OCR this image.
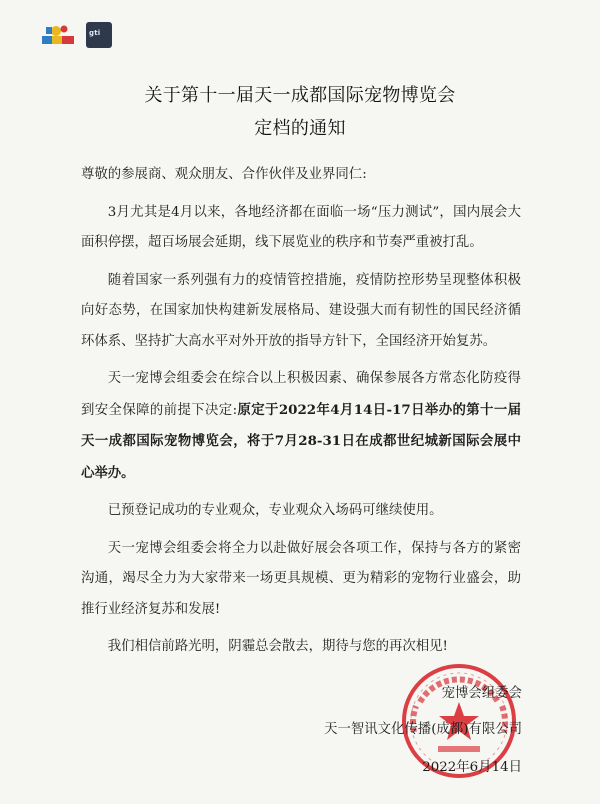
gti
关于第十一届天一成都国际宠物博览会
定档的通知

尊敬的参展商、观众朋友、合作伙伴及业界同仁:

3月尤其是4月以来，各地经济都在面临一场“压力测试”，国内展会大面积停摆，超百场展会延期，线下展览业的秩序和节奏严重被打乱。

随着国家一系列强有力的疫情管控措施，疫情防控形势呈现整体积极向好态势，在国家加快构建新发展格局、建设强大而有韧性的国民经济循环体系、坚持扩大高水平对外开放的指导方针下，全国经济开始复苏。

天一宠博会组委会在综合以上积极因素、确保参展各方常态化防疫得到安全保障的前提下决定:原定于2022年4月14日-17日举办的第十一届天一成都国际宠物博览会，将于7月28-31日在成都世纪城新国际会展中心举办。

已预登记成功的专业观众，专业观众入场码可继续使用。

天一宠博会组委会将全力以赴做好展会各项工作，保持与各方的紧密沟通，竭尽全力为大家带来一场更具规模、更为精彩的宠物行业盛会，助推行业经济复苏和发展!

我们相信前路光明，阴霾总会散去，期待与您的再次相见!

宠博会组委会
天一智讯文化传播(成都)有限公司
2022年6月14日
